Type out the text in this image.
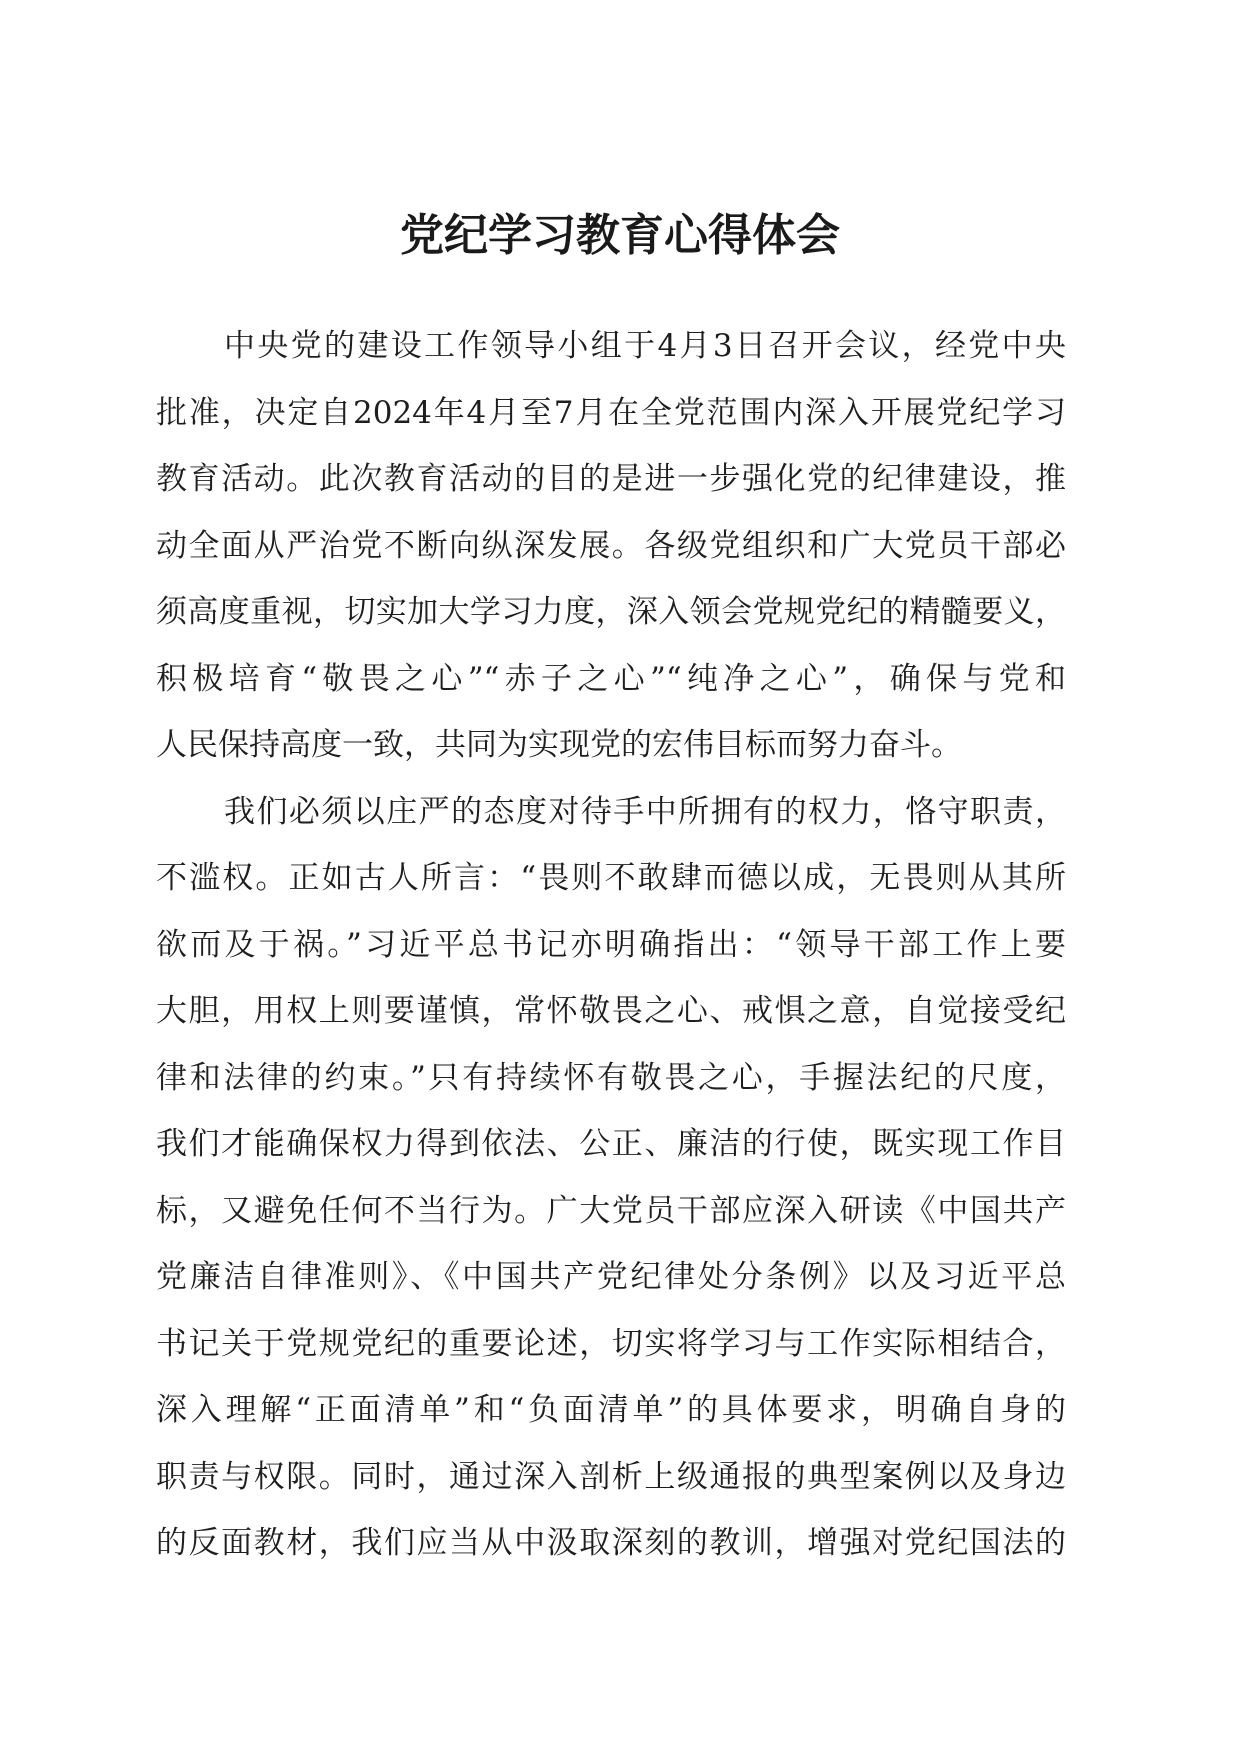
党纪学习教育心得体会
中央党的建设工作领导小组于4月3日召开会议，经党中央
批准，决定自2024年4月至7月在全党范围内深入开展党纪学习
教育活动。此次教育活动的目的是进一步强化党的纪律建设，推
动全面从严治党不断向纵深发展。各级党组织和广大党员干部必
须高度重视，切实加大学习力度，深入领会党规党纪的精髓要义，
积极培育“敬畏之心”“赤子之心”“纯净之心”，确保与党和
人民保持高度一致，共同为实现党的宏伟目标而努力奋斗。
我们必须以庄严的态度对待手中所拥有的权力，恪守职责，
不滥权。正如古人所言：“畏则不敢肆而德以成，无畏则从其所
欲而及于祸。”习近平总书记亦明确指出：“领导干部工作上要
大胆，用权上则要谨慎，常怀敬畏之心、戒惧之意，自觉接受纪
律和法律的约束。”只有持续怀有敬畏之心，手握法纪的尺度，
我们才能确保权力得到依法、公正、廉洁的行使，既实现工作目
标，又避免任何不当行为。广大党员干部应深入研读《中国共产
党廉洁自律准则》、《中国共产党纪律处分条例》以及习近平总
书记关于党规党纪的重要论述，切实将学习与工作实际相结合，
深入理解“正面清单”和“负面清单”的具体要求，明确自身的
职责与权限。同时，通过深入剖析上级通报的典型案例以及身边
的反面教材，我们应当从中汲取深刻的教训，增强对党纪国法的
